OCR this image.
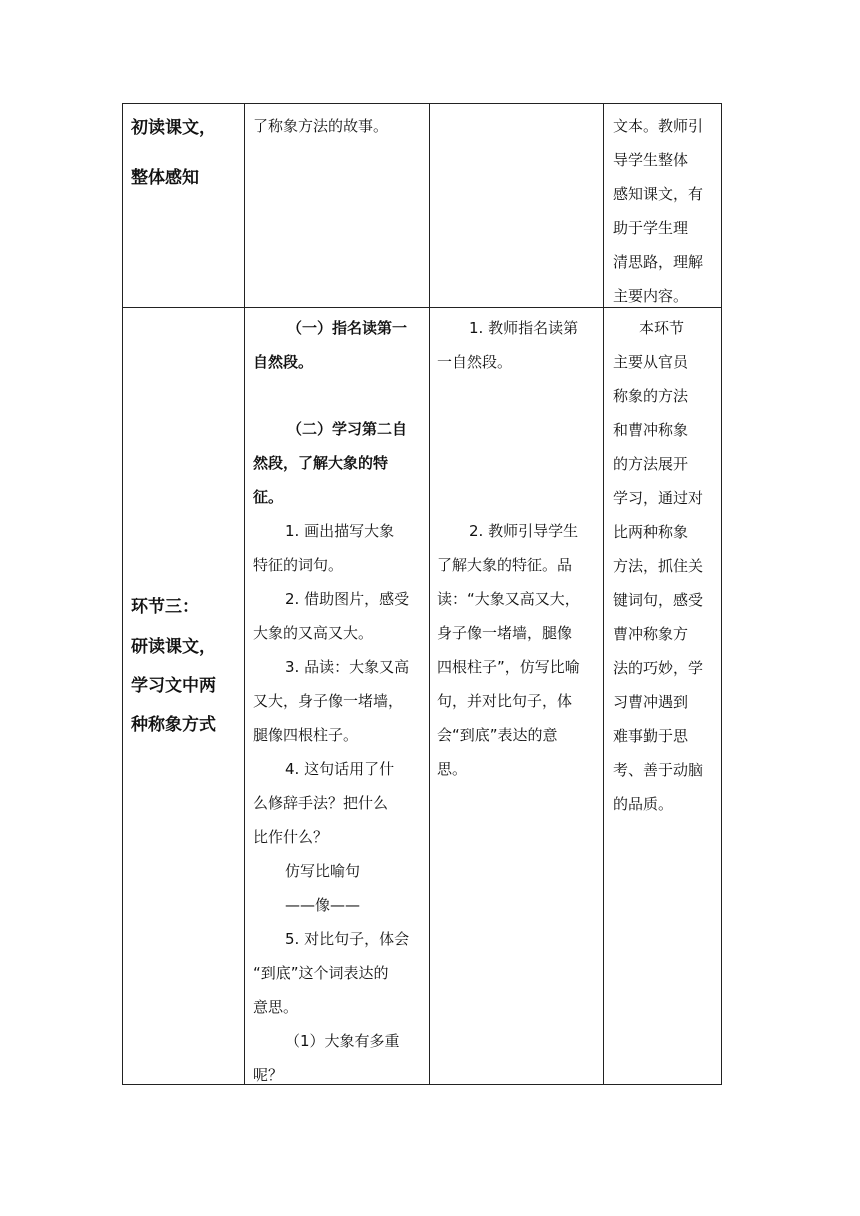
初读课文，
整体感知
了称象方法的故事。	文本。教师引
导学生整体
感知课文，有
助于学生理
清思路，理解
主要内容。
环节三：
研读课文，
学习文中两
种称象方式
（一）指名读第一
自然段。
（二）学习第二自
然段，了解大象的特
征。
1. 画出描写大象
特征的词句。
2. 借助图片，感受
大象的又高又大。
3. 品读：大象又高
又大，身子像一堵墙，
腿像四根柱子。
4. 这句话用了什
么修辞手法？把什么
比作什么？
仿写比喻句
——像——
5. 对比句子，体会
“到底”这个词表达的
意思。
（1）大象有多重
呢？
1. 教师指名读第
一自然段。
2. 教师引导学生
了解大象的特征。品
读：“大象又高又大，
身子像一堵墙，腿像
四根柱子”，仿写比喻
句，并对比句子，体
会“到底”表达的意
思。
本环节
主要从官员
称象的方法
和曹冲称象
的方法展开
学习，通过对
比两种称象
方法，抓住关
键词句，感受
曹冲称象方
法的巧妙，学
习曹冲遇到
难事勤于思
考、善于动脑
的品质。
